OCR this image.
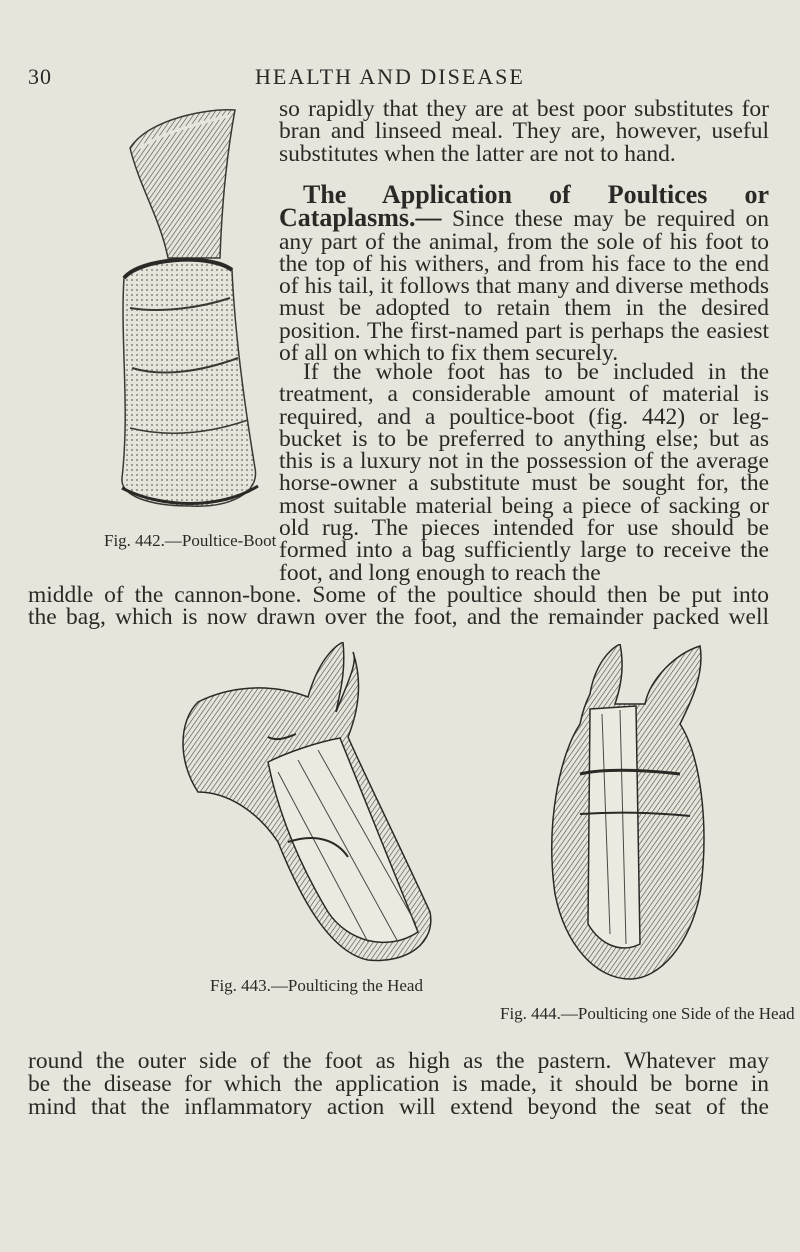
30	HEALTH AND DISEASE
Fig. 442.—Poultice-Boot

so rapidly that they are at best poor substitutes for bran and linseed meal. They are, however, useful substitutes when the latter are not to hand.

The Application of Poultices or Cataplasms.— Since these may be required on any part of the animal, from the sole of his foot to the top of his withers, and from his face to the end of his tail, it follows that many and diverse methods must be adopted to retain them in the desired position. The first-named part is perhaps the easiest of all on which to fix them securely.

If the whole foot has to be included in the treatment, a considerable amount of material is required, and a poultice-boot (fig. 442) or leg-bucket is to be preferred to anything else; but as this is a luxury not in the possession of the average horse-owner a substitute must be sought for, the most suitable material being a piece of sacking or old rug. The pieces intended for use should be formed into a bag sufficiently large to receive the foot, and long enough to reach the

middle of the cannon-bone. Some of the poultice should then be put into

the bag, which is now drawn over the foot, and the remainder packed well

Fig. 443.—Poulticing the Head
Fig. 444.—Poulticing one Side of the Head

round the outer side of the foot as high as the pastern. Whatever may

be the disease for which the application is made, it should be borne in

mind that the inflammatory action will extend beyond the seat of the
